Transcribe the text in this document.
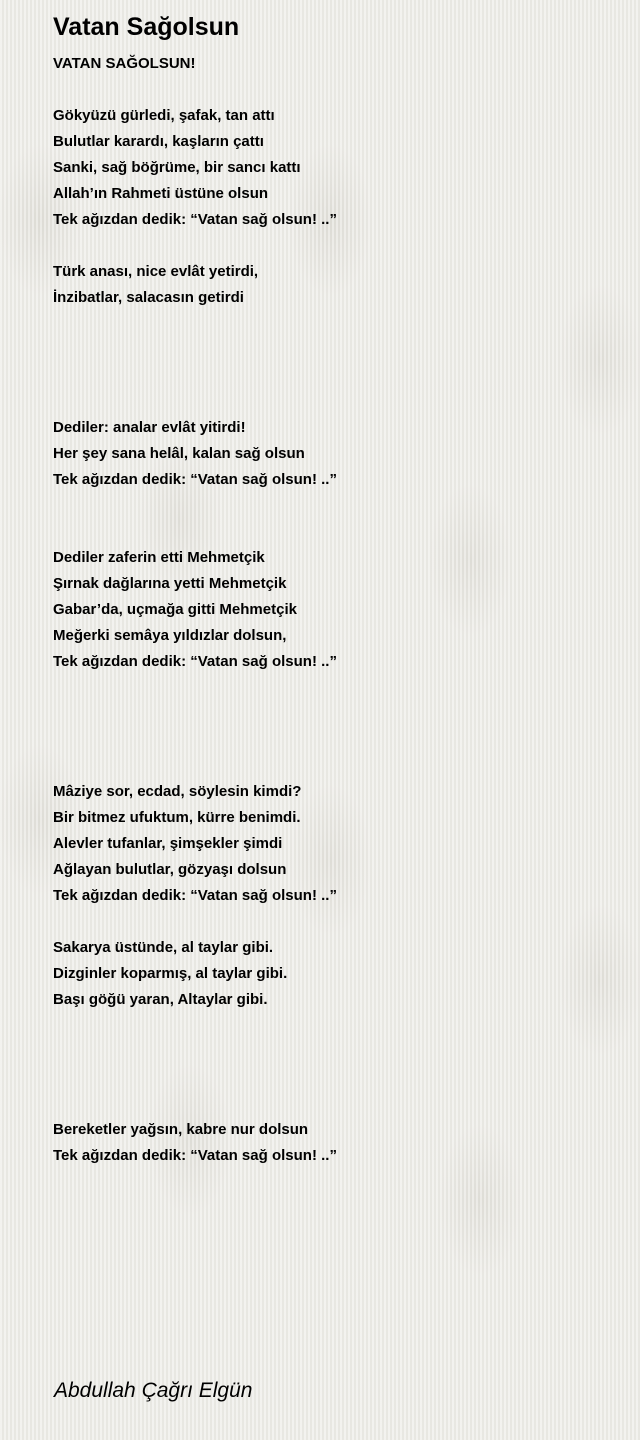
Vatan Sağolsun
VATAN SAĞOLSUN!
Gökyüzü gürledi, şafak, tan attı
Bulutlar karardı, kaşların çattı
Sanki, sağ böğrüme, bir sancı kattı
Allah’ın Rahmeti üstüne olsun
Tek ağızdan dedik: “Vatan sağ olsun! ..”
Türk anası, nice evlât yetirdi,
İnzibatlar, salacasın getirdi
Dediler: analar evlât yitirdi!
Her şey sana helâl, kalan sağ olsun
Tek ağızdan dedik: “Vatan sağ olsun! ..”
Dediler zaferin etti Mehmetçik
Şırnak dağlarına yetti Mehmetçik
Gabar’da, uçmağa gitti Mehmetçik
Meğerki semâya yıldızlar dolsun,
Tek ağızdan dedik: “Vatan sağ olsun! ..”
Mâziye sor, ecdad, söylesin kimdi?
Bir bitmez ufuktum, kürre benimdi.
Alevler tufanlar, şimşekler şimdi
Ağlayan bulutlar, gözyaşı dolsun
Tek ağızdan dedik: “Vatan sağ olsun! ..”
Sakarya üstünde, al taylar gibi.
Dizginler koparmış, al taylar gibi.
Başı göğü yaran, Altaylar gibi.
Bereketler yağsın, kabre nur dolsun
Tek ağızdan dedik: “Vatan sağ olsun! ..”
Abdullah Çağrı Elgün
